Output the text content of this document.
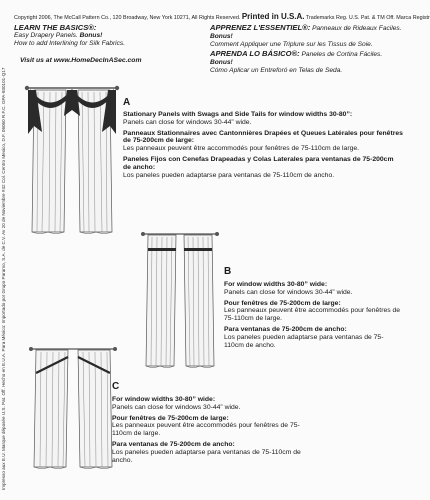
Copyright 2006, The McCall Pattern Co., 120 Broadway, New York 10271, All Rights Reserved. Printed in U.S.A. Trademarks Reg. U.S. Pat. & TM Off. Marca Registr
LEARN THE BASICS®:
Easy Drapery Panels. Bonus!
How to add Interlining for Silk Fabrics.
APPRENEZ L'ESSENTIEL®: Panneaux de Rideaux Faciles. Bonus!
Comment Appliquer une Triplure sur les Tissus de Soie.
APRENDA LO BÁSICO®: Paneles de Cortina Fáciles. Bonus!
Cómo Aplicar un Entreforó en Telas de Seda.
Visit us at www.HomeDecInASec.com
Impresso aux E.U. Marque déposée U.S. Pat. Off. Hecho en E.U.A. Para México: Importado por Grupo Paramo, S.A. de C.V. Av 20 de Noviembre #42 Col. Centro Mexico, D.F. 06060 R.F.C. GPA-930101-Q17	A
Stationary Panels with Swags and Side Tails for window widths 30-80”:
Panels can close for windows 30-44” wide.
Panneaux Stationnaires avec Cantonnières Drapées et Queues Latérales pour fenêtres de 75-200cm de large:
Les panneaux peuvent être accommodés pour fenêtres de 75-110cm de large.
Paneles Fijos con Cenefas Drapeadas y Colas Laterales para ventanas de 75-200cm de ancho:
Los paneles pueden adaptarse para ventanas de 75-110cm de ancho.
B
For window widths 30-80” wide:
Panels can close for windows 30-44” wide.
Pour fenêtres de 75-200cm de large:
Les panneaux peuvent être accommodés pour fenêtres de 75-110cm de large.
Para ventanas de 75-200cm de ancho:
Los paneles pueden adaptarse para ventanas de 75-110cm de ancho.
C
For window widths 30-80” wide:
Panels can close for windows 30-44” wide.
Pour fenêtres de 75-200cm de large:
Les panneaux peuvent être accommodés pour fenêtres de 75-110cm de large.
Para ventanas de 75-200cm de ancho:
Los paneles pueden adaptarse para ventanas de 75-110cm de ancho.
